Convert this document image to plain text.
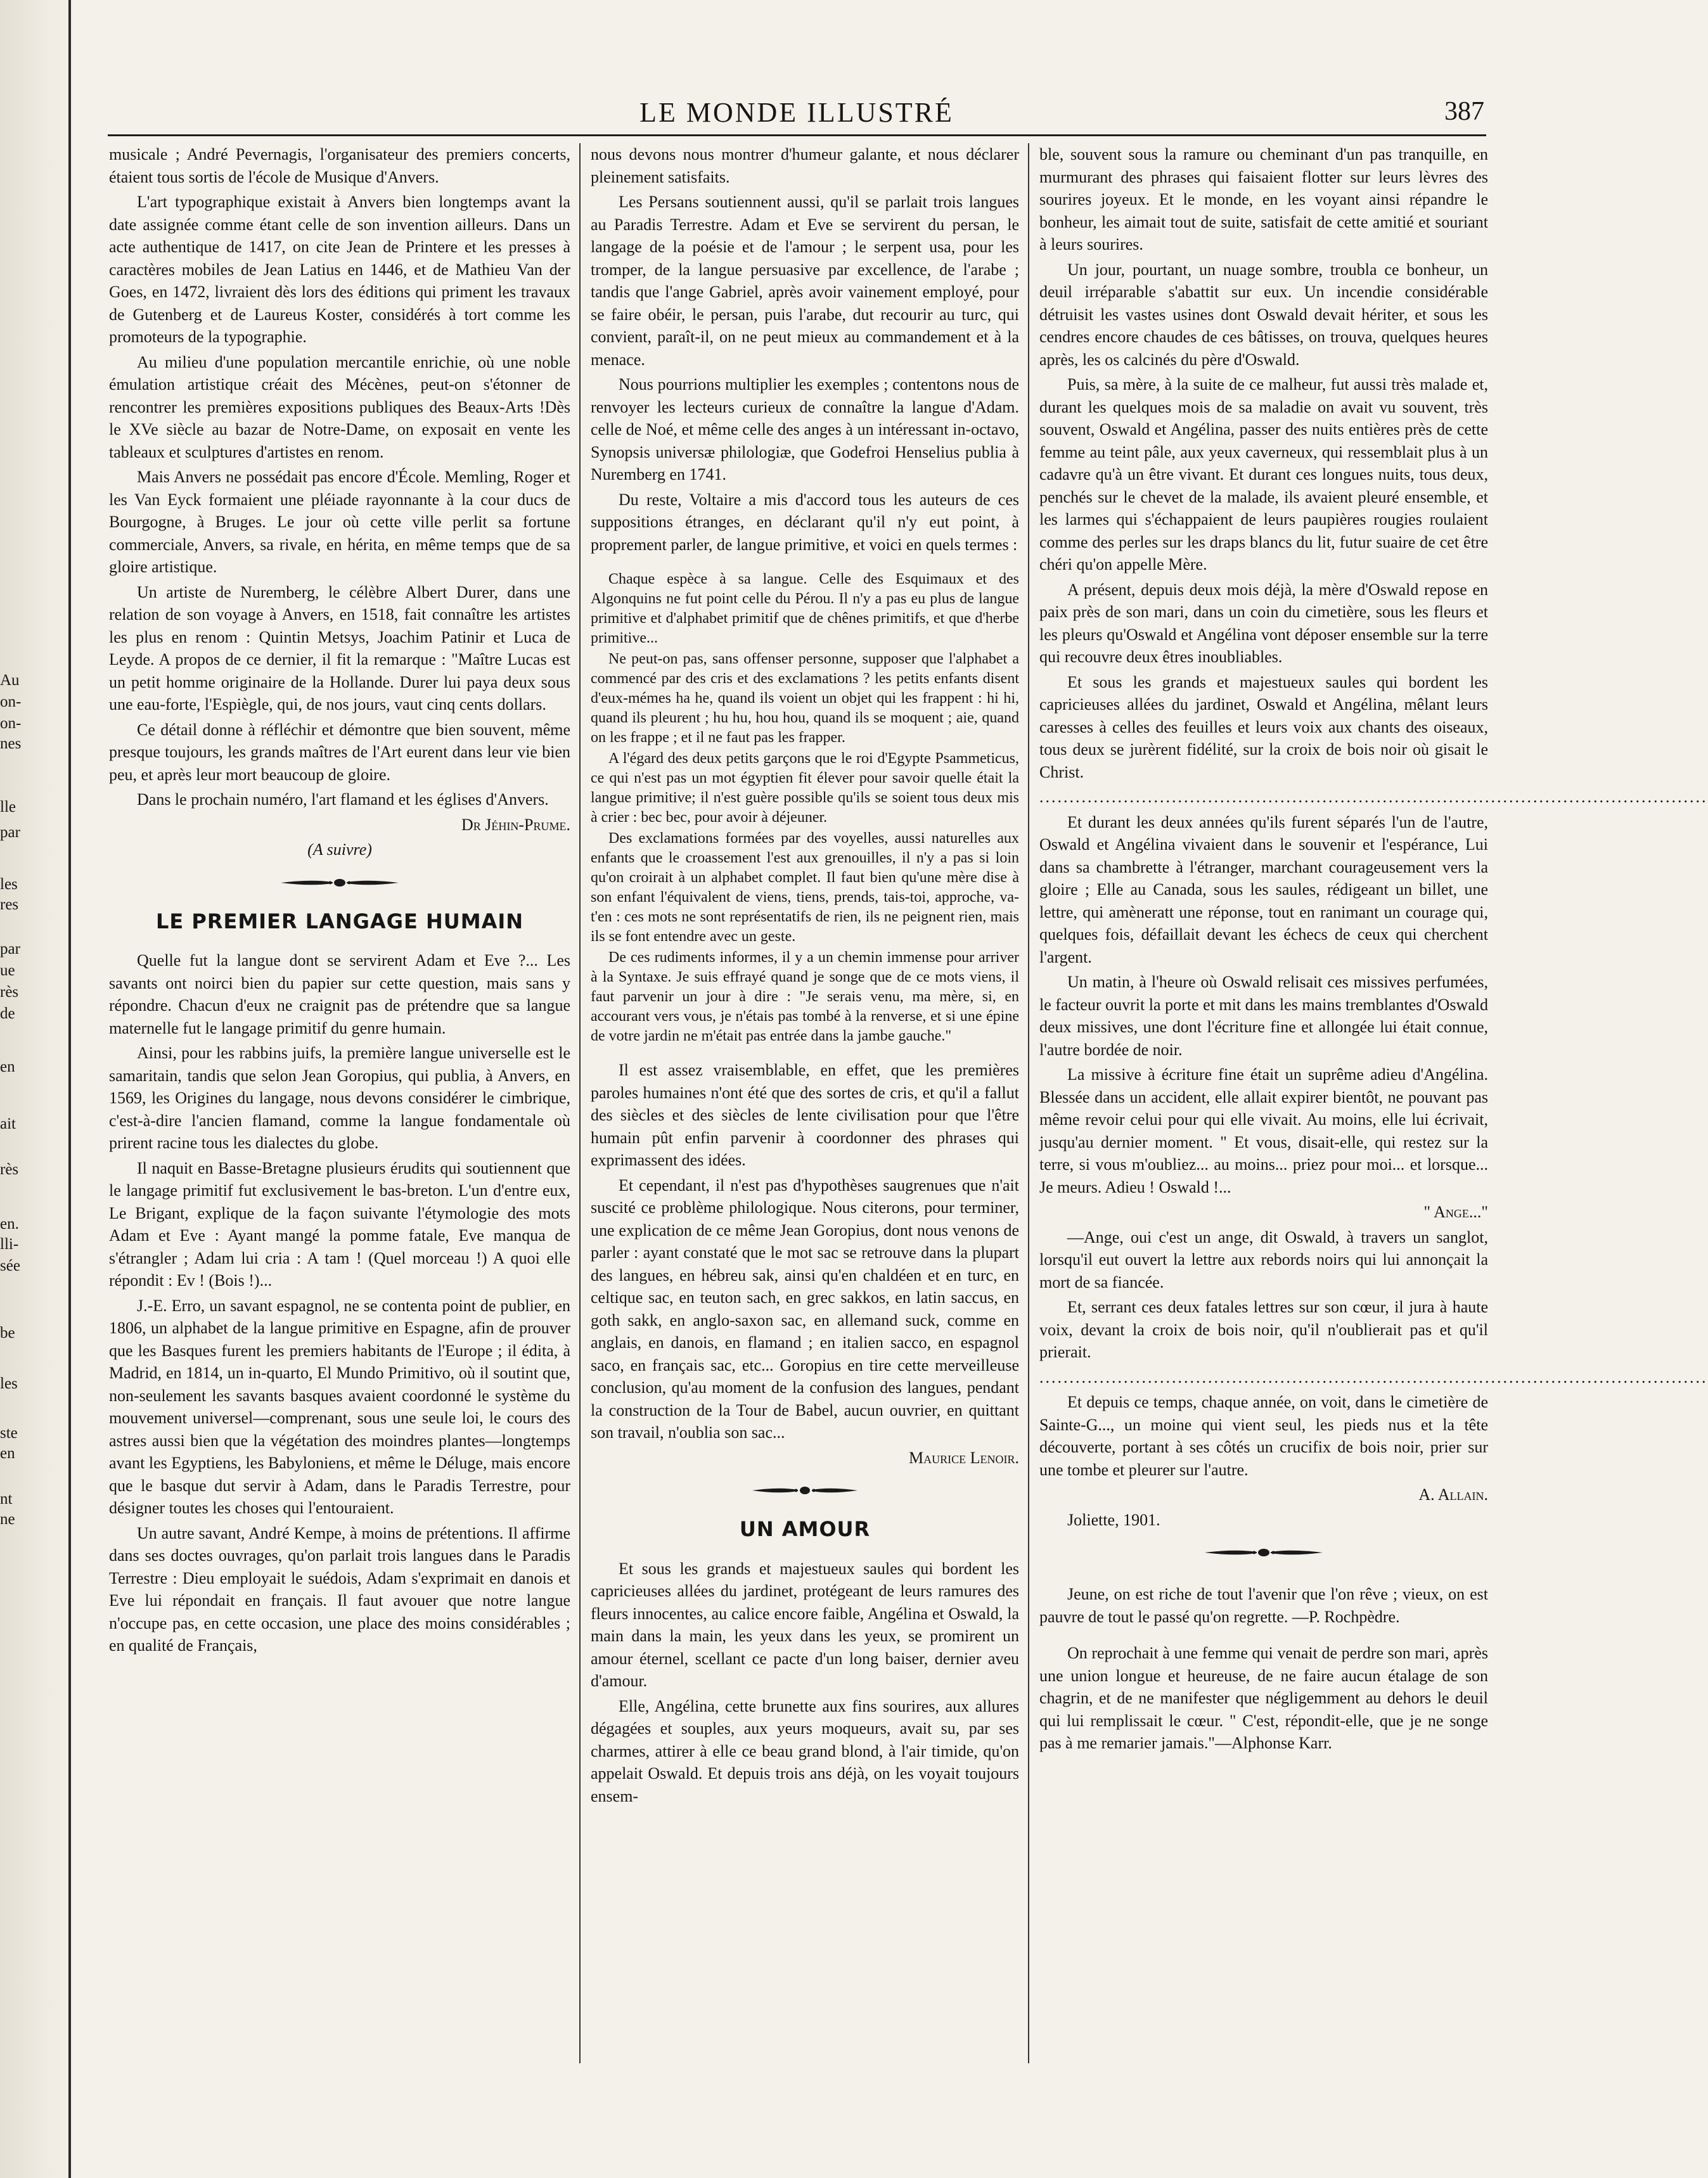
Au
on-
on-
nes
lle
par
les
res
par
ue
rès
de
en
ait
rès
en.
lli-
sée
be
les
ste
en
nt
ne
LE MONDE ILLUSTRÉ	387

musicale ; André Pevernagis, l'organisateur des premiers concerts, étaient tous sortis de l'école de Musique d'Anvers.

L'art typographique existait à Anvers bien longtemps avant la date assignée comme étant celle de son invention ailleurs. Dans un acte authentique de 1417, on cite Jean de Printere et les presses à caractères mobiles de Jean Latius en 1446, et de Mathieu Van der Goes, en 1472, livraient dès lors des éditions qui priment les travaux de Gutenberg et de Laureus Koster, considérés à tort comme les promoteurs de la typographie.

Au milieu d'une population mercantile enrichie, où une noble émulation artistique créait des Mécènes, peut-on s'étonner de rencontrer les premières expositions publiques des Beaux-Arts !Dès le XVe siècle au bazar de Notre-Dame, on exposait en vente les tableaux et sculptures d'artistes en renom.

Mais Anvers ne possédait pas encore d'École. Memling, Roger et les Van Eyck formaient une pléiade rayonnante à la cour ducs de Bourgogne, à Bruges. Le jour où cette ville perlit sa fortune commerciale, Anvers, sa rivale, en hérita, en même temps que de sa gloire artistique.

Un artiste de Nuremberg, le célèbre Albert Durer, dans une relation de son voyage à Anvers, en 1518, fait connaître les artistes les plus en renom : Quintin Metsys, Joachim Patinir et Luca de Leyde. A propos de ce dernier, il fit la remarque : "Maître Lucas est un petit homme originaire de la Hollande. Durer lui paya deux sous une eau-forte, l'Espiègle, qui, de nos jours, vaut cinq cents dollars.

Ce détail donne à réfléchir et démontre que bien souvent, même presque toujours, les grands maîtres de l'Art eurent dans leur vie bien peu, et après leur mort beaucoup de gloire.

Dans le prochain numéro, l'art flamand et les églises d'Anvers.

Dr Jéhin-Prume.

(A suivre)

LE PREMIER LANGAGE HUMAIN

Quelle fut la langue dont se servirent Adam et Eve ?... Les savants ont noirci bien du papier sur cette question, mais sans y répondre. Chacun d'eux ne craignit pas de prétendre que sa langue maternelle fut le langage primitif du genre humain.

Ainsi, pour les rabbins juifs, la première langue universelle est le samaritain, tandis que selon Jean Goropius, qui publia, à Anvers, en 1569, les Origines du langage, nous devons considérer le cimbrique, c'est-à-dire l'ancien flamand, comme la langue fondamentale où prirent racine tous les dialectes du globe.

Il naquit en Basse-Bretagne plusieurs érudits qui soutiennent que le langage primitif fut exclusivement le bas-breton. L'un d'entre eux, Le Brigant, explique de la façon suivante l'étymologie des mots Adam et Eve : Ayant mangé la pomme fatale, Eve manqua de s'étrangler ; Adam lui cria : A tam ! (Quel morceau !) A quoi elle répondit : Ev ! (Bois !)...

J.-E. Erro, un savant espagnol, ne se contenta point de publier, en 1806, un alphabet de la langue primitive en Espagne, afin de prouver que les Basques furent les premiers habitants de l'Europe ; il édita, à Madrid, en 1814, un in-quarto, El Mundo Primitivo, où il soutint que, non-seulement les savants basques avaient coordonné le système du mouvement universel—comprenant, sous une seule loi, le cours des astres aussi bien que la végétation des moindres plantes—longtemps avant les Egyptiens, les Babyloniens, et même le Déluge, mais encore que le basque dut servir à Adam, dans le Paradis Terrestre, pour désigner toutes les choses qui l'entouraient.

Un autre savant, André Kempe, à moins de prétentions. Il affirme dans ses doctes ouvrages, qu'on parlait trois langues dans le Paradis Terrestre : Dieu employait le suédois, Adam s'exprimait en danois et Eve lui répondait en français. Il faut avouer que notre langue n'occupe pas, en cette occasion, une place des moins considérables ; en qualité de Français,

nous devons nous montrer d'humeur galante, et nous déclarer pleinement satisfaits.

Les Persans soutiennent aussi, qu'il se parlait trois langues au Paradis Terrestre. Adam et Eve se servirent du persan, le langage de la poésie et de l'amour ; le serpent usa, pour les tromper, de la langue persuasive par excellence, de l'arabe ; tandis que l'ange Gabriel, après avoir vainement employé, pour se faire obéir, le persan, puis l'arabe, dut recourir au turc, qui convient, paraît-il, on ne peut mieux au commandement et à la menace.

Nous pourrions multiplier les exemples ; contentons nous de renvoyer les lecteurs curieux de connaître la langue d'Adam. celle de Noé, et même celle des anges à un intéressant in-octavo, Synopsis universæ philologiæ, que Godefroi Henselius publia à Nuremberg en 1741.

Du reste, Voltaire a mis d'accord tous les auteurs de ces suppositions étranges, en déclarant qu'il n'y eut point, à proprement parler, de langue primitive, et voici en quels termes :

Chaque espèce à sa langue. Celle des Esquimaux et des Algonquins ne fut point celle du Pérou. Il n'y a pas eu plus de langue primitive et d'alphabet primitif que de chênes primitifs, et que d'herbe primitive...

Ne peut-on pas, sans offenser personne, supposer que l'alphabet a commencé par des cris et des exclamations ? les petits enfants disent d'eux-mémes ha he, quand ils voient un objet qui les frappent : hi hi, quand ils pleurent ; hu hu, hou hou, quand ils se moquent ; aie, quand on les frappe ; et il ne faut pas les frapper.

A l'égard des deux petits garçons que le roi d'Egypte Psammeticus, ce qui n'est pas un mot égyptien fit élever pour savoir quelle était la langue primitive; il n'est guère possible qu'ils se soient tous deux mis à crier : bec bec, pour avoir à déjeuner.

Des exclamations formées par des voyelles, aussi naturelles aux enfants que le croassement l'est aux grenouilles, il n'y a pas si loin qu'on croirait à un alphabet complet. Il faut bien qu'une mère dise à son enfant l'équivalent de viens, tiens, prends, tais-toi, approche, va-t'en : ces mots ne sont représentatifs de rien, ils ne peignent rien, mais ils se font entendre avec un geste.

De ces rudiments informes, il y a un chemin immense pour arriver à la Syntaxe. Je suis effrayé quand je songe que de ce mots viens, il faut parvenir un jour à dire : "Je serais venu, ma mère, si, en accourant vers vous, je n'étais pas tombé à la renverse, et si une épine de votre jardin ne m'était pas entrée dans la jambe gauche."

Il est assez vraisemblable, en effet, que les premières paroles humaines n'ont été que des sortes de cris, et qu'il a fallut des siècles et des siècles de lente civilisation pour que l'être humain pût enfin parvenir à coordonner des phrases qui exprimassent des idées.

Et cependant, il n'est pas d'hypothèses saugrenues que n'ait suscité ce problème philologique. Nous citerons, pour terminer, une explication de ce même Jean Goropius, dont nous venons de parler : ayant constaté que le mot sac se retrouve dans la plupart des langues, en hébreu sak, ainsi qu'en chaldéen et en turc, en celtique sac, en teuton sach, en grec sakkos, en latin saccus, en goth sakk, en anglo-saxon sac, en allemand suck, comme en anglais, en danois, en flamand ; en italien sacco, en espagnol saco, en français sac, etc... Goropius en tire cette merveilleuse conclusion, qu'au moment de la confusion des langues, pendant la construction de la Tour de Babel, aucun ouvrier, en quittant son travail, n'oublia son sac...

Maurice Lenoir.

UN AMOUR

Et sous les grands et majestueux saules qui bordent les capricieuses allées du jardinet, protégeant de leurs ramures des fleurs innocentes, au calice encore faible, Angélina et Oswald, la main dans la main, les yeux dans les yeux, se promirent un amour éternel, scellant ce pacte d'un long baiser, dernier aveu d'amour.

Elle, Angélina, cette brunette aux fins sourires, aux allures dégagées et souples, aux yeurs moqueurs, avait su, par ses charmes, attirer à elle ce beau grand blond, à l'air timide, qu'on appelait Oswald. Et depuis trois ans déjà, on les voyait toujours ensem-

ble, souvent sous la ramure ou cheminant d'un pas tranquille, en murmurant des phrases qui faisaient flotter sur leurs lèvres des sourires joyeux. Et le monde, en les voyant ainsi répandre le bonheur, les aimait tout de suite, satisfait de cette amitié et souriant à leurs sourires.

Un jour, pourtant, un nuage sombre, troubla ce bonheur, un deuil irréparable s'abattit sur eux. Un incendie considérable détruisit les vastes usines dont Oswald devait hériter, et sous les cendres encore chaudes de ces bâtisses, on trouva, quelques heures après, les os calcinés du père d'Oswald.

Puis, sa mère, à la suite de ce malheur, fut aussi très malade et, durant les quelques mois de sa maladie on avait vu souvent, très souvent, Oswald et Angélina, passer des nuits entières près de cette femme au teint pâle, aux yeux caverneux, qui ressemblait plus à un cadavre qu'à un être vivant. Et durant ces longues nuits, tous deux, penchés sur le chevet de la malade, ils avaient pleuré ensemble, et les larmes qui s'échappaient de leurs paupières rougies roulaient comme des perles sur les draps blancs du lit, futur suaire de cet être chéri qu'on appelle Mère.

A présent, depuis deux mois déjà, la mère d'Oswald repose en paix près de son mari, dans un coin du cimetière, sous les fleurs et les pleurs qu'Oswald et Angélina vont déposer ensemble sur la terre qui recouvre deux êtres inoubliables.

Et sous les grands et majestueux saules qui bordent les capricieuses allées du jardinet, Oswald et Angélina, mêlant leurs caresses à celles des feuilles et leurs voix aux chants des oiseaux, tous deux se jurèrent fidélité, sur la croix de bois noir où gisait le Christ.

...............................................................................................................

Et durant les deux années qu'ils furent séparés l'un de l'autre, Oswald et Angélina vivaient dans le souvenir et l'espérance, Lui dans sa chambrette à l'étranger, marchant courageusement vers la gloire ; Elle au Canada, sous les saules, rédigeant un billet, une lettre, qui amèneratt une réponse, tout en ranimant un courage qui, quelques fois, défaillait devant les échecs de ceux qui cherchent l'argent.

Un matin, à l'heure où Oswald relisait ces missives perfumées, le facteur ouvrit la porte et mit dans les mains tremblantes d'Oswald deux missives, une dont l'écriture fine et allongée lui était connue, l'autre bordée de noir.

La missive à écriture fine était un suprême adieu d'Angélina. Blessée dans un accident, elle allait expirer bientôt, ne pouvant pas même revoir celui pour qui elle vivait. Au moins, elle lui écrivait, jusqu'au dernier moment. " Et vous, disait-elle, qui restez sur la terre, si vous m'oubliez... au moins... priez pour moi... et lorsque... Je meurs. Adieu ! Oswald !...

" Ange..."

—Ange, oui c'est un ange, dit Oswald, à travers un sanglot, lorsqu'il eut ouvert la lettre aux rebords noirs qui lui annonçait la mort de sa fiancée.

Et, serrant ces deux fatales lettres sur son cœur, il jura à haute voix, devant la croix de bois noir, qu'il n'oublierait pas et qu'il prierait.

...............................................................................................................

Et depuis ce temps, chaque année, on voit, dans le cimetière de Sainte-G..., un moine qui vient seul, les pieds nus et la tête découverte, portant à ses côtés un crucifix de bois noir, prier sur une tombe et pleurer sur l'autre.

A. Allain.

Joliette, 1901.

Jeune, on est riche de tout l'avenir que l'on rêve ; vieux, on est pauvre de tout le passé qu'on regrette. —P. Rochpèdre.

On reprochait à une femme qui venait de perdre son mari, après une union longue et heureuse, de ne faire aucun étalage de son chagrin, et de ne manifester que négligemment au dehors le deuil qui lui remplissait le cœur. " C'est, répondit-elle, que je ne songe pas à me remarier jamais."—Alphonse Karr.
